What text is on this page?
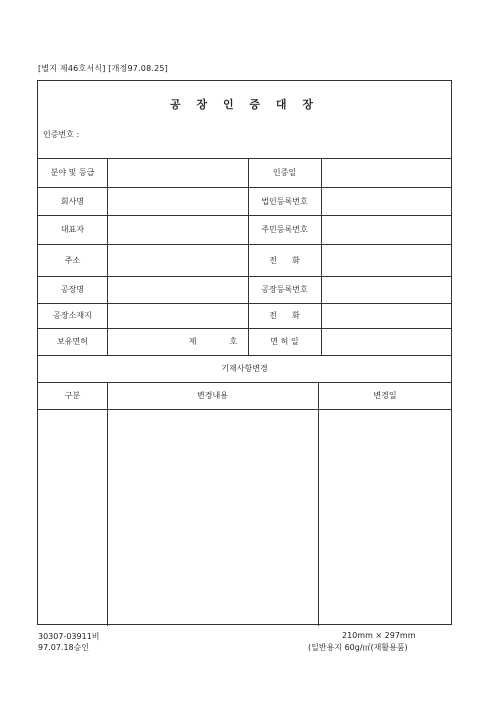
[별지 제46호서식] [개정97.08.25]
공 장 인 증 대 장
인증번호 :
분야 및 등급	인증일
회사명	법인등록번호
대표자	주민등록번호
주소	전      화
공장명	공장등록번호
공장소재지	전      화
보유면허	제             호	면 허 일
기재사항변경
구분	변경내용	변경일
30307-03911비
97.07.18승인
210mm × 297mm
(일반용지 60g/㎡(재활용품)
